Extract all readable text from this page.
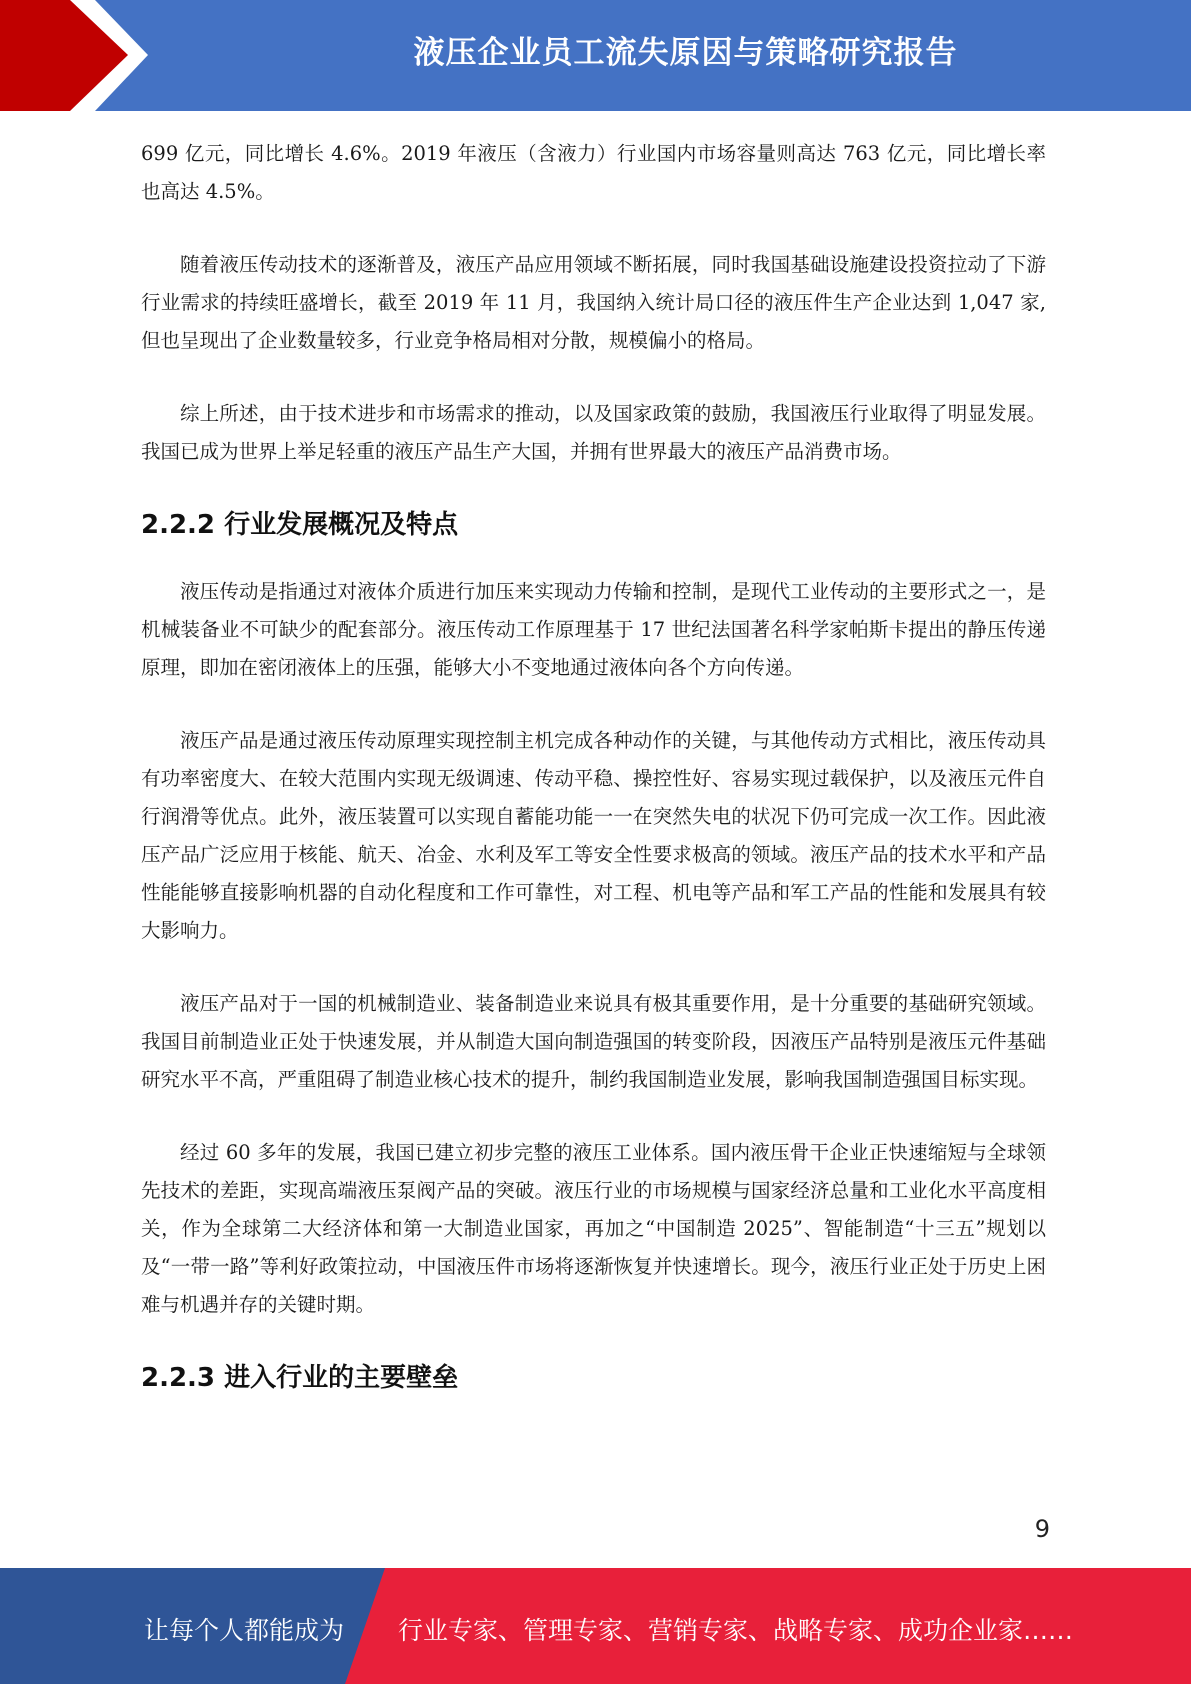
液压企业员工流失原因与策略研究报告

699 亿元，同比增长 4.6%。2019 年液压（含液力）行业国内市场容量则高达 763 亿元，同比增长率也高达 4.5%。

随着液压传动技术的逐渐普及，液压产品应用领域不断拓展，同时我国基础设施建设投资拉动了下游行业需求的持续旺盛增长，截至 2019 年 11 月，我国纳入统计局口径的液压件生产企业达到 1,047 家,但也呈现出了企业数量较多，行业竞争格局相对分散，规模偏小的格局。

综上所述，由于技术进步和市场需求的推动，以及国家政策的鼓励，我国液压行业取得了明显发展。我国已成为世界上举足轻重的液压产品生产大国，并拥有世界最大的液压产品消费市场。

2.2.2 行业发展概况及特点

液压传动是指通过对液体介质进行加压来实现动力传输和控制，是现代工业传动的主要形式之一，是机械装备业不可缺少的配套部分。液压传动工作原理基于 17 世纪法国著名科学家帕斯卡提出的静压传递原理，即加在密闭液体上的压强，能够大小不变地通过液体向各个方向传递。

液压产品是通过液压传动原理实现控制主机完成各种动作的关键，与其他传动方式相比，液压传动具有功率密度大、在较大范围内实现无级调速、传动平稳、操控性好、容易实现过载保护，以及液压元件自行润滑等优点。此外，液压装置可以实现自蓄能功能一一在突然失电的状况下仍可完成一次工作。因此液压产品广泛应用于核能、航天、冶金、水利及军工等安全性要求极高的领域。液压产品的技术水平和产品性能能够直接影响机器的自动化程度和工作可靠性，对工程、机电等产品和军工产品的性能和发展具有较大影响力。

液压产品对于一国的机械制造业、装备制造业来说具有极其重要作用，是十分重要的基础研究领域。我国目前制造业正处于快速发展，并从制造大国向制造强国的转变阶段，因液压产品特别是液压元件基础研究水平不高，严重阻碍了制造业核心技术的提升，制约我国制造业发展，影响我国制造强国目标实现。

经过 60 多年的发展，我国已建立初步完整的液压工业体系。国内液压骨干企业正快速缩短与全球领先技术的差距，实现高端液压泵阀产品的突破。液压行业的市场规模与国家经济总量和工业化水平高度相关，作为全球第二大经济体和第一大制造业国家，再加之“中国制造 2025”、智能制造“十三五”规划以及“一带一路”等利好政策拉动，中国液压件市场将逐渐恢复并快速增长。现今，液压行业正处于历史上困难与机遇并存的关键时期。

2.2.3 进入行业的主要壁垒
9
让每个人都能成为 行业专家、管理专家、营销专家、战略专家、成功企业家……
